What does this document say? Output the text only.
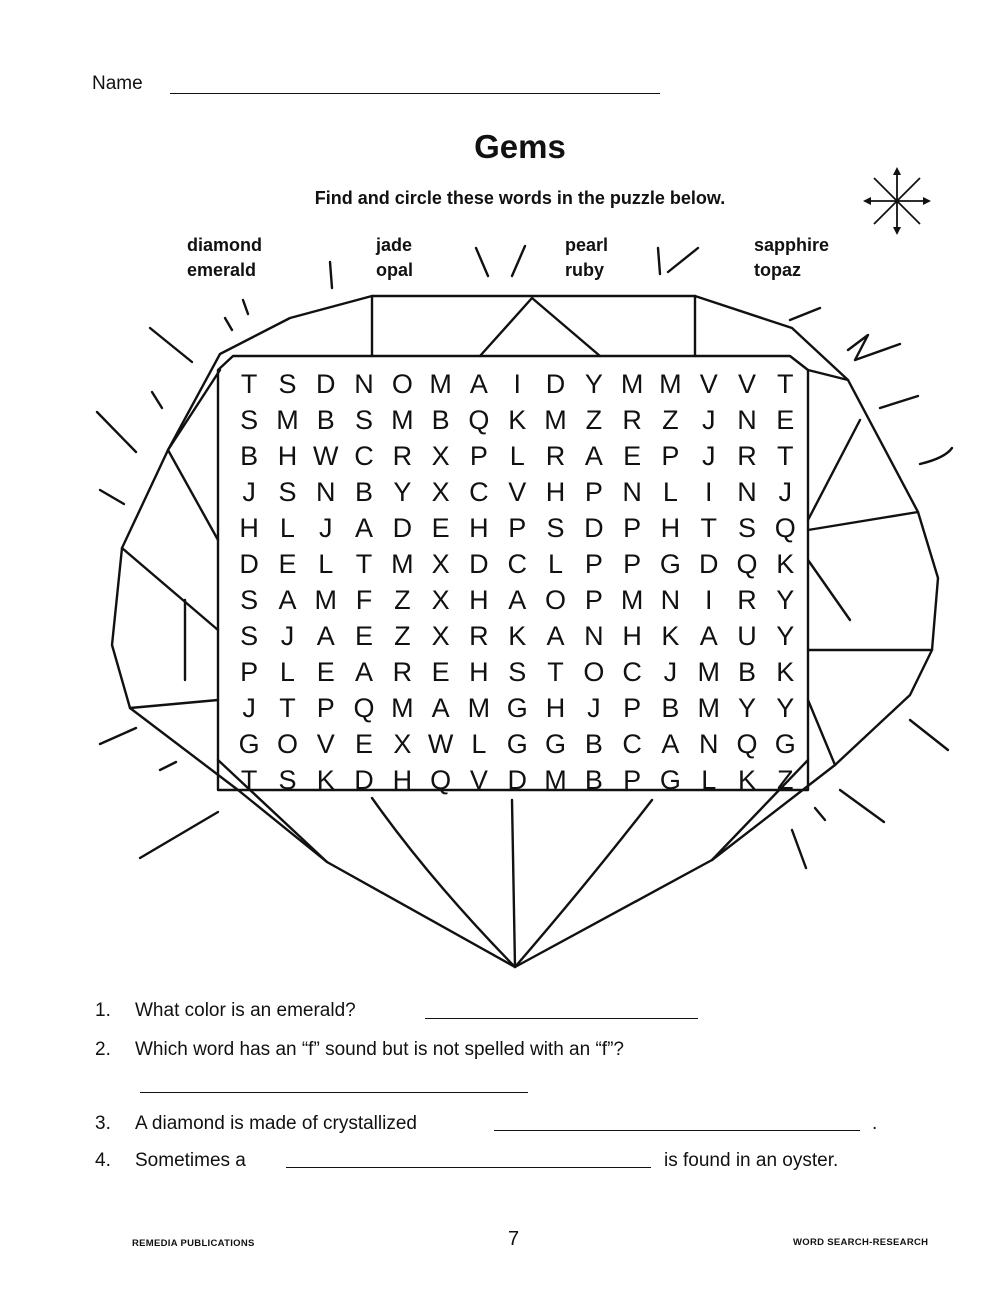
Name
Gems
Find and circle these words in the puzzle below.
diamond
emerald
jade
opal
pearl
ruby
sapphire
topaz
T S D N O M A I D Y M M V V T
S M B S M B Q K M Z R Z J N E
B H W C R X P L R A E P J R T
J S N B Y X C V H P N L	I N J
H L J A D E H P S D P H T S Q
D E L T M X D C L P P G D Q K
S A M F Z X H A O P M N I R Y
S J A E Z X R K A N H K A U Y
P L E A R E H S T O C J M B K
J T P Q M A M G H J P B M Y Y
G O V E X W L G G B C A N Q G
T S K D H Q V D M B P G L K Z
1. What color is an emerald?
2. Which word has an “f” sound but is not spelled with an “f”?
3. A diamond is made of crystallized	.
4. Sometimes a	is found in an oyster.
REMEDIA PUBLICATIONS	7	WORD SEARCH-RESEARCH
